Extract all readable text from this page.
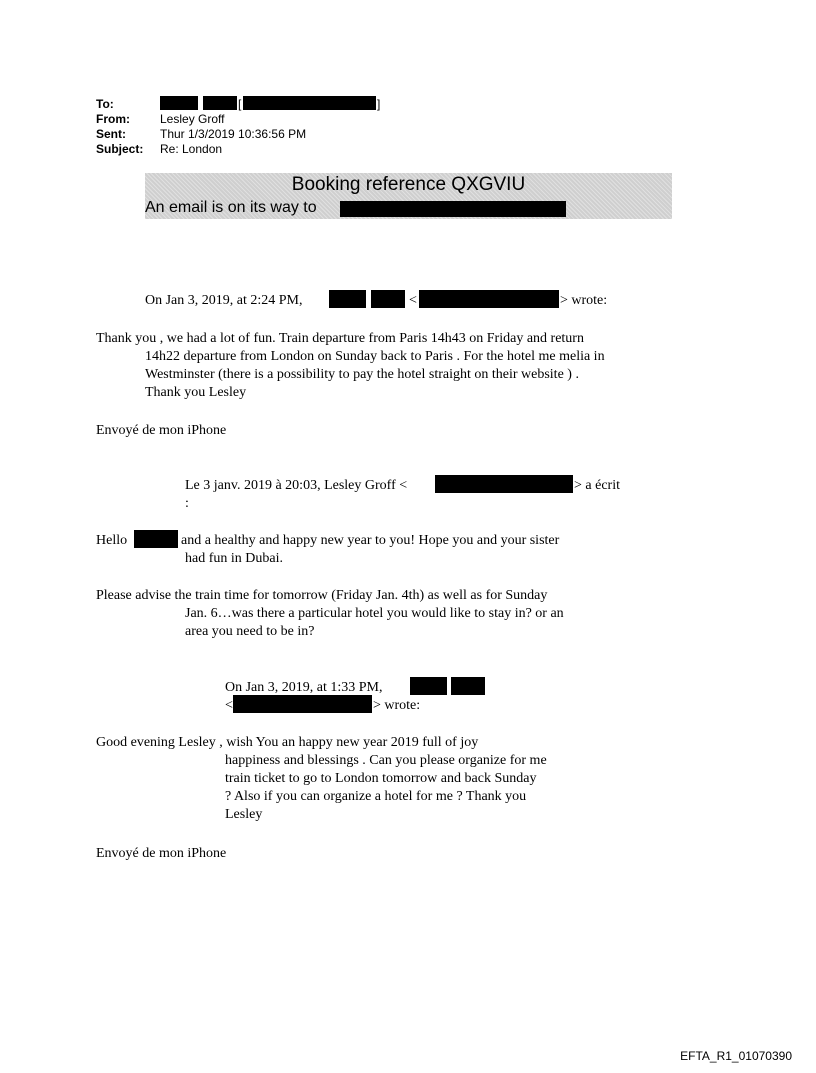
To:	[	]
From:	Lesley Groff
Sent:	Thur 1/3/2019 10:36:56 PM
Subject: Re: London
Booking reference QXGVIU
An email is on its way to
On Jan 3, 2019, at 2:24 PM,	<	> wrote:
Thank you , we had a lot of fun. Train departure from Paris 14h43 on Friday and return
14h22 departure from London on Sunday back to Paris . For the hotel me melia in
Westminster (there is a possibility to pay the hotel straight on their website ) .
Thank you Lesley
Envoyé de mon iPhone
Le 3 janv. 2019 à 20:03, Lesley Groff <	> a écrit
:
Hello	and a healthy and happy new year to you! Hope you and your sister
had fun in Dubai.
Please advise the train time for tomorrow (Friday Jan. 4th) as well as for Sunday
Jan. 6…was there a particular hotel you would like to stay in? or an
area you need to be in?
On Jan 3, 2019, at 1:33 PM,
<	> wrote:
Good evening Lesley , wish You an happy new year 2019 full of joy
happiness and blessings . Can you please organize for me
train ticket to go to London tomorrow and back Sunday
? Also if you can organize a hotel for me ? Thank you
Lesley
Envoyé de mon iPhone
EFTA_R1_01070390
